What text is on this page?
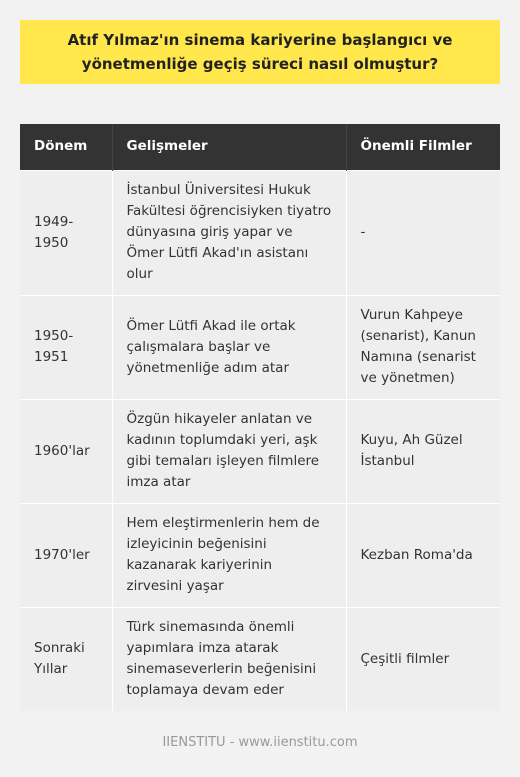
Atıf Yılmaz'ın sinema kariyerine başlangıcı ve yönetmenliğe geçiş süreci nasıl olmuştur?
Dönem	Gelişmeler	Önemli Filmler
1949-1950	İstanbul Üniversitesi Hukuk Fakültesi öğrencisiyken tiyatro dünyasına giriş yapar ve Ömer Lütfi Akad'ın asistanı olur	-
1950-1951	Ömer Lütfi Akad ile ortak çalışmalara başlar ve yönetmenliğe adım atar	Vurun Kahpeye (senarist), Kanun Namına (senarist ve yönetmen)
1960'lar	Özgün hikayeler anlatan ve kadının toplumdaki yeri, aşk gibi temaları işleyen filmlere imza atar	Kuyu, Ah Güzel İstanbul
1970'ler	Hem eleştirmenlerin hem de izleyicinin beğenisini kazanarak kariyerinin zirvesini yaşar	Kezban Roma'da
Sonraki Yıllar	Türk sinemasında önemli yapımlara imza atarak sinemaseverlerin beğenisini toplamaya devam eder	Çeşitli filmler
IIENSTITU - www.iienstitu.com
